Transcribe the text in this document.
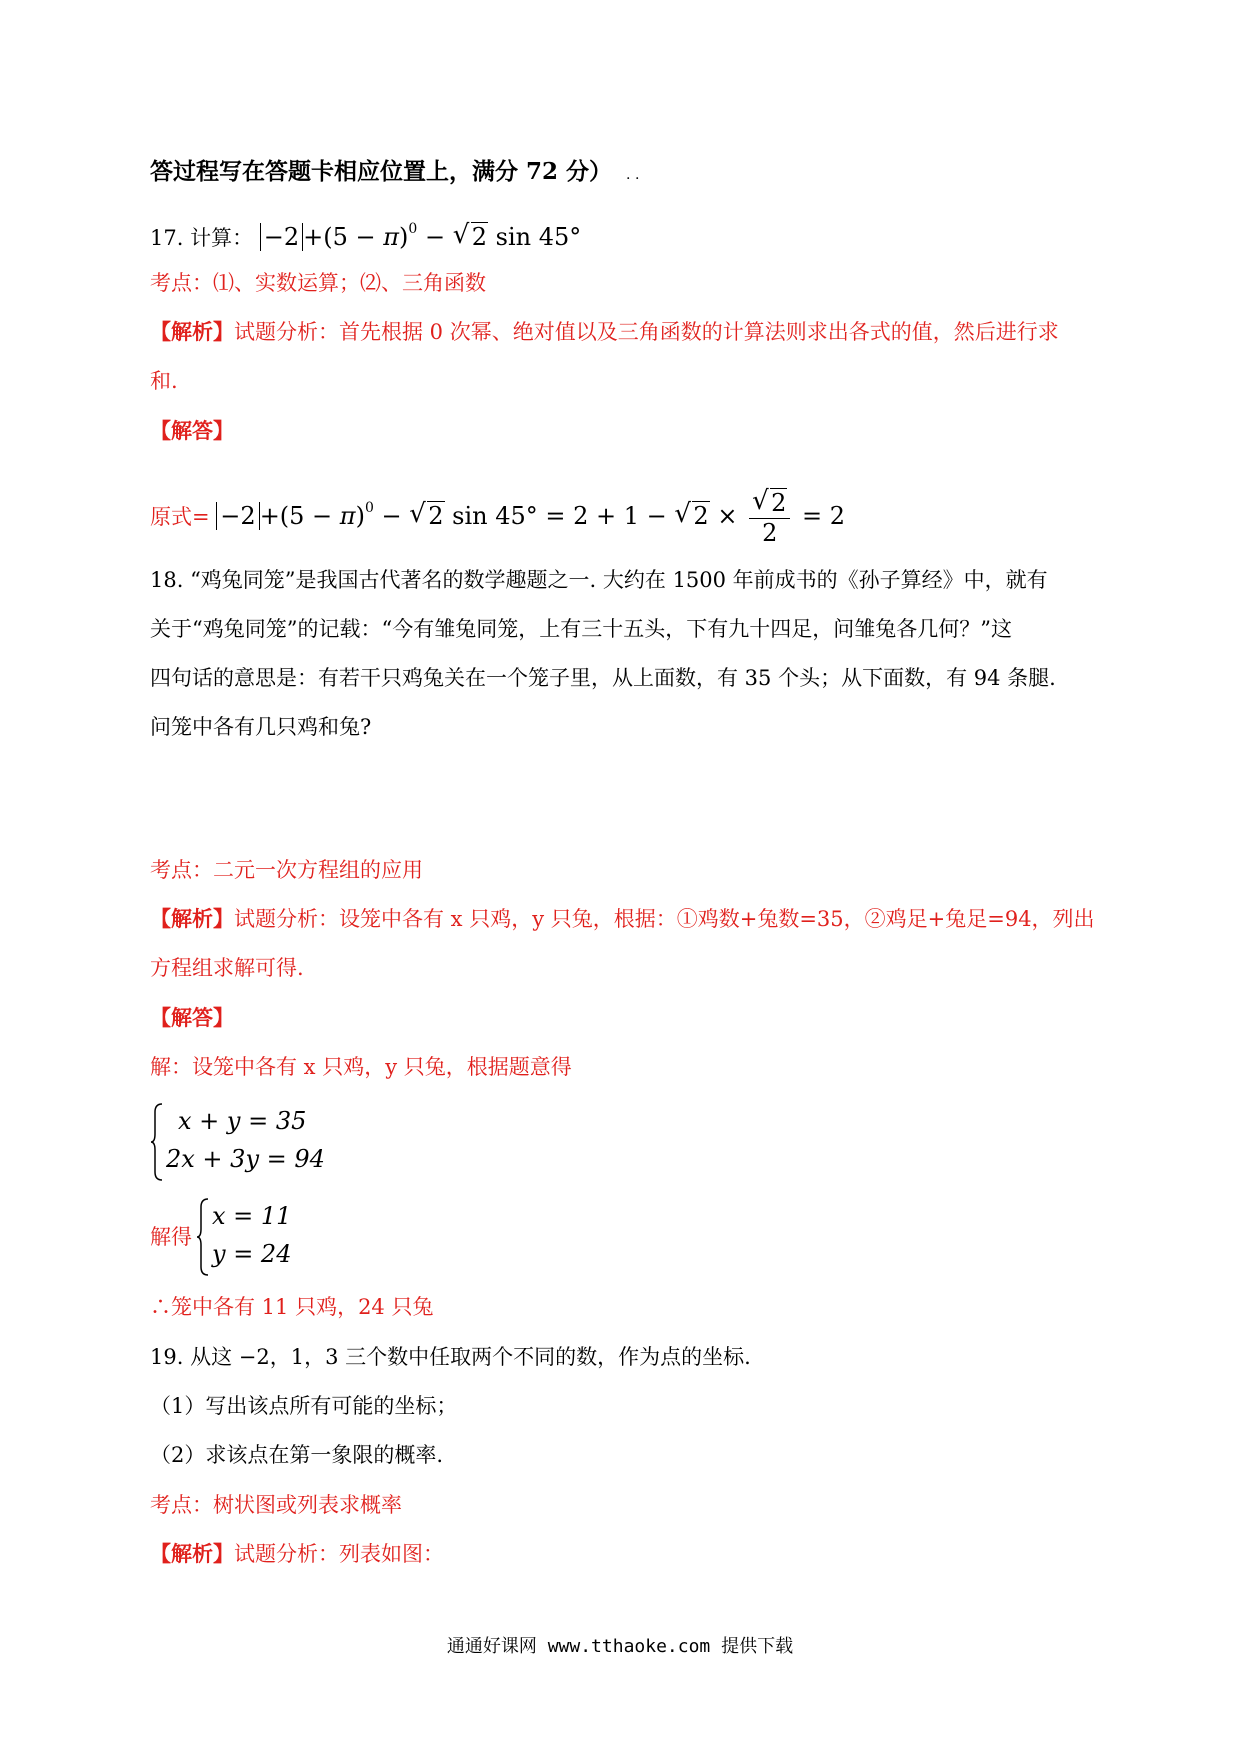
答过程写在答题卡相应位置上，满分 72 分） . .
17. 计算： $-2 +(5 - \pi)^0$ − √ 2 sin 45°
考点：⑴、实数运算；⑵、三角函数
【解析】试题分析：首先根据 0 次幂、绝对值以及三角函数的计算法则求出各式的值，然后进行求
和.
【解答】
原式= $-2 +(5 - \pi)^0$ − √ 2 sin 45° = 2 + 1 − √ $2 \times \frac{√ 2}{2} = 2$
18. “鸡兔同笼”是我国古代著名的数学趣题之一. 大约在 1500 年前成书的《孙子算经》中，就有
关于“鸡兔同笼”的记载：“今有雏兔同笼，上有三十五头，下有九十四足，问雏兔各几何？”这
四句话的意思是：有若干只鸡兔关在一个笼子里，从上面数，有 35 个头；从下面数，有 94 条腿.
问笼中各有几只鸡和兔?
考点：二元一次方程组的应用
【解析】试题分析：设笼中各有 x 只鸡，y 只兔，根据：①鸡数+兔数=35，②鸡足+兔足=94，列出
方程组求解可得.
【解答】
解：设笼中各有 x 只鸡，y 只兔，根据题意得
x + y = 35
2x + 3y = 94
解得
x = 11
y = 24
∴笼中各有 11 只鸡，24 只兔
19. 从这 −2，1，3 三个数中任取两个不同的数，作为点的坐标.
（1）写出该点所有可能的坐标；
（2）求该点在第一象限的概率.
考点：树状图或列表求概率
【解析】试题分析：列表如图：
通通好课网 www.tthaoke.com 提供下载
